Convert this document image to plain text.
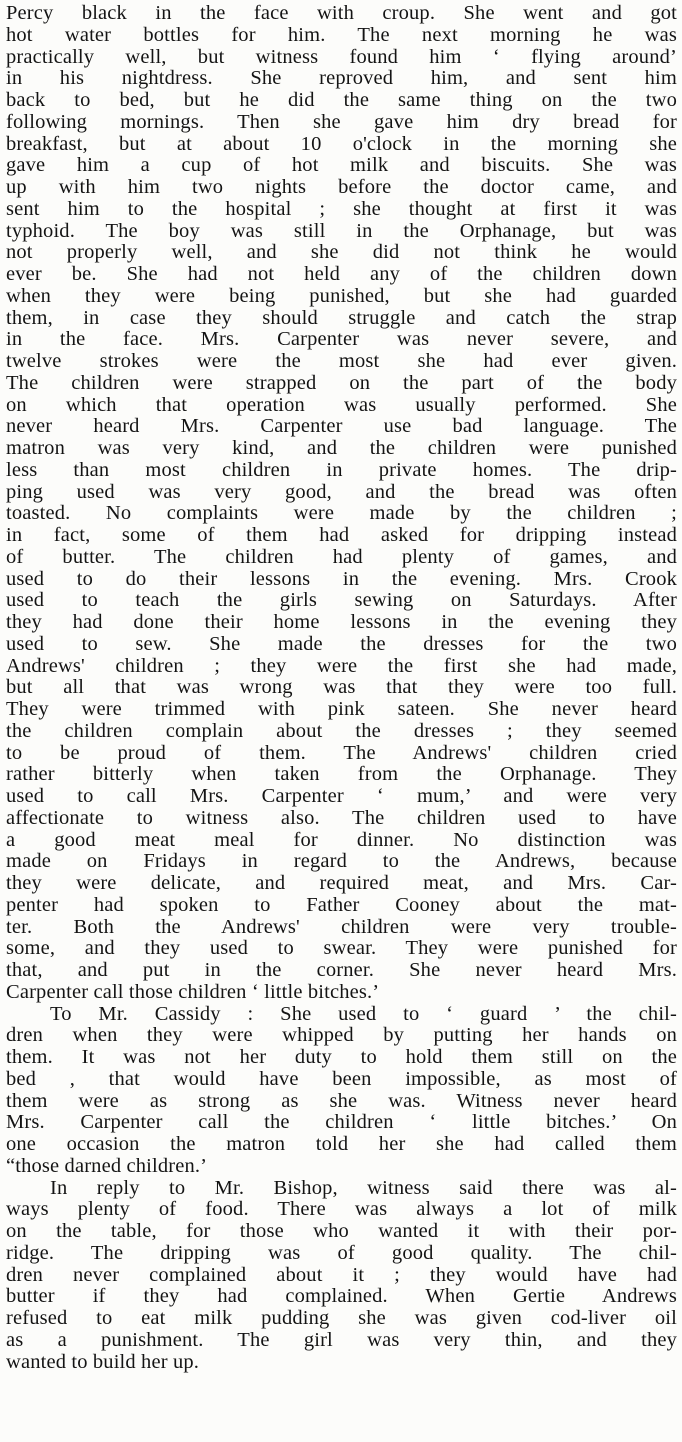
Percy black in the face with croup. She went and got
hot water bottles for him. The next morning he was
practically well, but witness found him ‘ flying around’
in his nightdress. She reproved him, and sent him
back to bed, but he did the same thing on the two
following mornings. Then she gave him dry bread for
breakfast, but at about 10 o'clock in the morning she
gave him a cup of hot milk and biscuits. She was
up with him two nights before the doctor came, and
sent him to the hospital ; she thought at first it was
typhoid. The boy was still in the Orphanage, but was
not properly well, and she did not think he would
ever be. She had not held any of the children down
when they were being punished, but she had guarded
them, in case they should struggle and catch the strap
in the face. Mrs. Carpenter was never severe, and
twelve strokes were the most she had ever given.
The children were strapped on the part of the body
on which that operation was usually performed. She
never heard Mrs. Carpenter use bad language. The
matron was very kind, and the children were punished
less than most children in private homes. The drip-
ping used was very good, and the bread was often
toasted. No complaints were made by the children ;
in fact, some of them had asked for dripping instead
of butter. The children had plenty of games, and
used to do their lessons in the evening. Mrs. Crook
used to teach the girls sewing on Saturdays. After
they had done their home lessons in the evening they
used to sew. She made the dresses for the two
Andrews' children ; they were the first she had made,
but all that was wrong was that they were too full.
They were trimmed with pink sateen. She never heard
the children complain about the dresses ; they seemed
to be proud of them. The Andrews' children cried
rather bitterly when taken from the Orphanage. They
used to call Mrs. Carpenter ‘ mum,’ and were very
affectionate to witness also. The children used to have
a good meat meal for dinner. No distinction was
made on Fridays in regard to the Andrews, because
they were delicate, and required meat, and Mrs. Car-
penter had spoken to Father Cooney about the mat-
ter. Both the Andrews' children were very trouble-
some, and they used to swear. They were punished for
that, and put in the corner. She never heard Mrs.
Carpenter call those children ‘ little bitches.’
To Mr. Cassidy : She used to ‘ guard ’ the chil-
dren when they were whipped by putting her hands on
them. It was not her duty to hold them still on the
bed , that would have been impossible, as most of
them were as strong as she was. Witness never heard
Mrs. Carpenter call the children ‘ little bitches.’ On
one occasion the matron told her she had called them
“those darned children.’
In reply to Mr. Bishop, witness said there was al-
ways plenty of food. There was always a lot of milk
on the table, for those who wanted it with their por-
ridge. The dripping was of good quality. The chil-
dren never complained about it ; they would have had
butter if they had complained. When Gertie Andrews
refused to eat milk pudding she was given cod-liver oil
as a punishment. The girl was very thin, and they
wanted to build her up.
